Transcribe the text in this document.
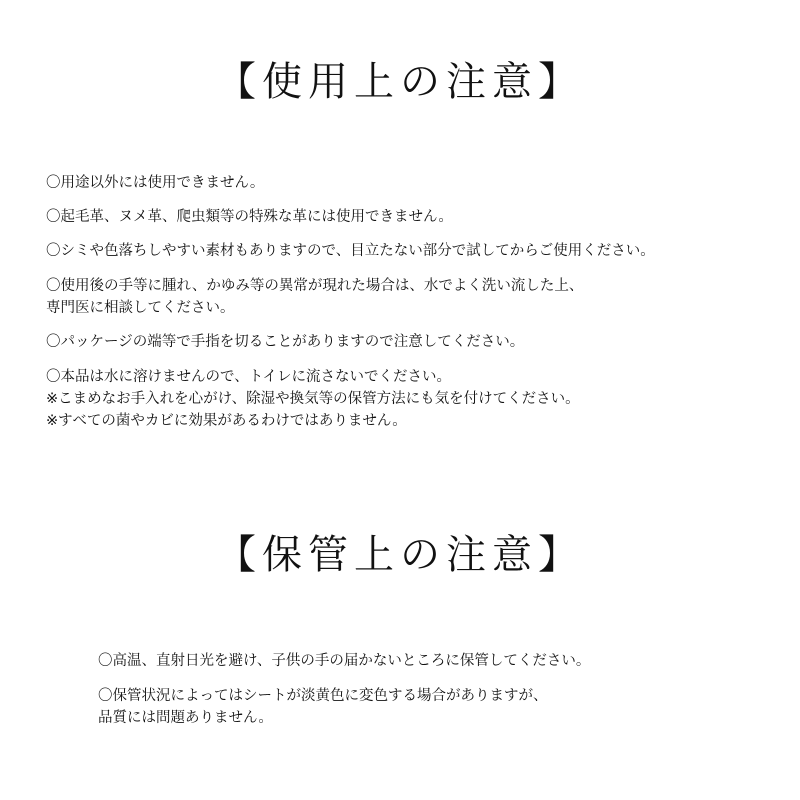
【使用上の注意】
〇用途以外には使用できません。
〇起毛革、ヌメ革、爬虫類等の特殊な革には使用できません。
〇シミや色落ちしやすい素材もありますので、目立たない部分で試してからご使用ください。
〇使用後の手等に腫れ、かゆみ等の異常が現れた場合は、水でよく洗い流した上、
専門医に相談してください。
〇パッケージの端等で手指を切ることがありますので注意してください。
〇本品は水に溶けませんので、トイレに流さないでください。
※こまめなお手入れを心がけ、除湿や換気等の保管方法にも気を付けてください。
※すべての菌やカビに効果があるわけではありません。
【保管上の注意】
〇高温、直射日光を避け、子供の手の届かないところに保管してください。
〇保管状況によってはシートが淡黄色に変色する場合がありますが、
品質には問題ありません。
